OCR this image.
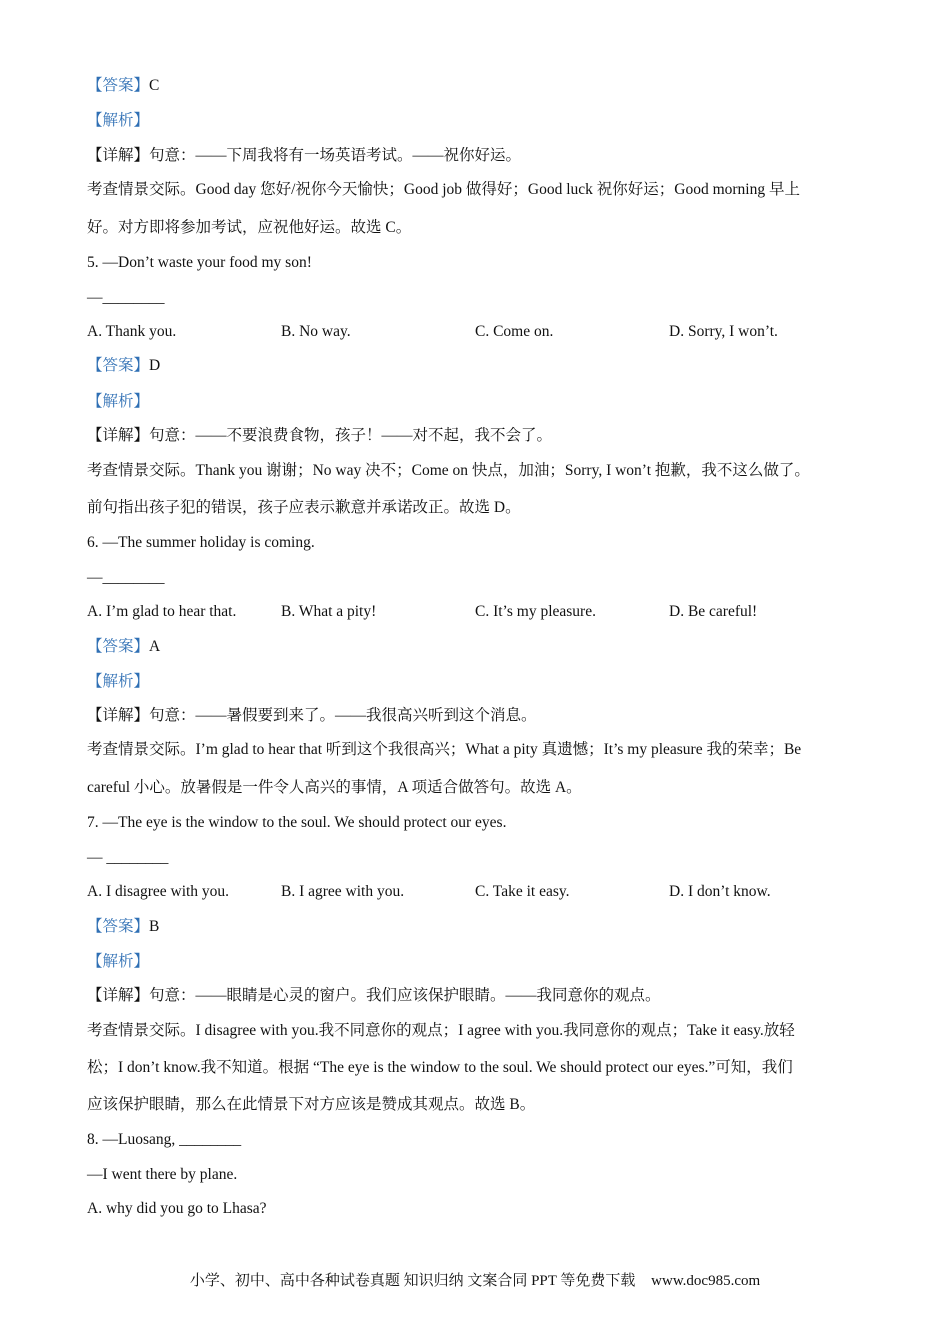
【答案】C
【解析】
【详解】句意：——下周我将有一场英语考试。——祝你好运。
考查情景交际。Good day 您好/祝你今天愉快；Good job 做得好；Good luck 祝你好运；Good morning 早上
好。对方即将参加考试，应祝他好运。故选 C。
5. —Don’t waste your food my son!
—________
A. Thank you.	B. No way.	C. Come on.	D. Sorry, I won’t.
【答案】D
【解析】
【详解】句意：——不要浪费食物，孩子！——对不起，我不会了。
考查情景交际。Thank you 谢谢；No way 决不；Come on 快点，加油；Sorry, I won’t 抱歉，我不这么做了。
前句指出孩子犯的错误，孩子应表示歉意并承诺改正。故选 D。
6. —The summer holiday is coming.
—________
A. I’m glad to hear that.	B. What a pity!	C. It’s my pleasure.	D. Be careful!
【答案】A
【解析】
【详解】句意：——暑假要到来了。——我很高兴听到这个消息。
考查情景交际。I’m glad to hear that 听到这个我很高兴；What a pity 真遗憾；It’s my pleasure 我的荣幸；Be
careful 小心。放暑假是一件令人高兴的事情，A 项适合做答句。故选 A。
7. —The eye is the window to the soul. We should protect our eyes.
— ________
A. I disagree with you.	B. I agree with you.	C. Take it easy.	D. I don’t know.
【答案】B
【解析】
【详解】句意：——眼睛是心灵的窗户。我们应该保护眼睛。——我同意你的观点。
考查情景交际。I disagree with you.我不同意你的观点；I agree with you.我同意你的观点；Take it easy.放轻
松；I don’t know.我不知道。根据 “The eye is the window to the soul. We should protect our eyes.”可知，我们
应该保护眼睛，那么在此情景下对方应该是赞成其观点。故选 B。
8. —Luosang, ________
—I went there by plane.
A. why did you go to Lhasa?
小学、初中、高中各种试卷真题 知识归纳 文案合同 PPT 等免费下载 www.doc985.com
